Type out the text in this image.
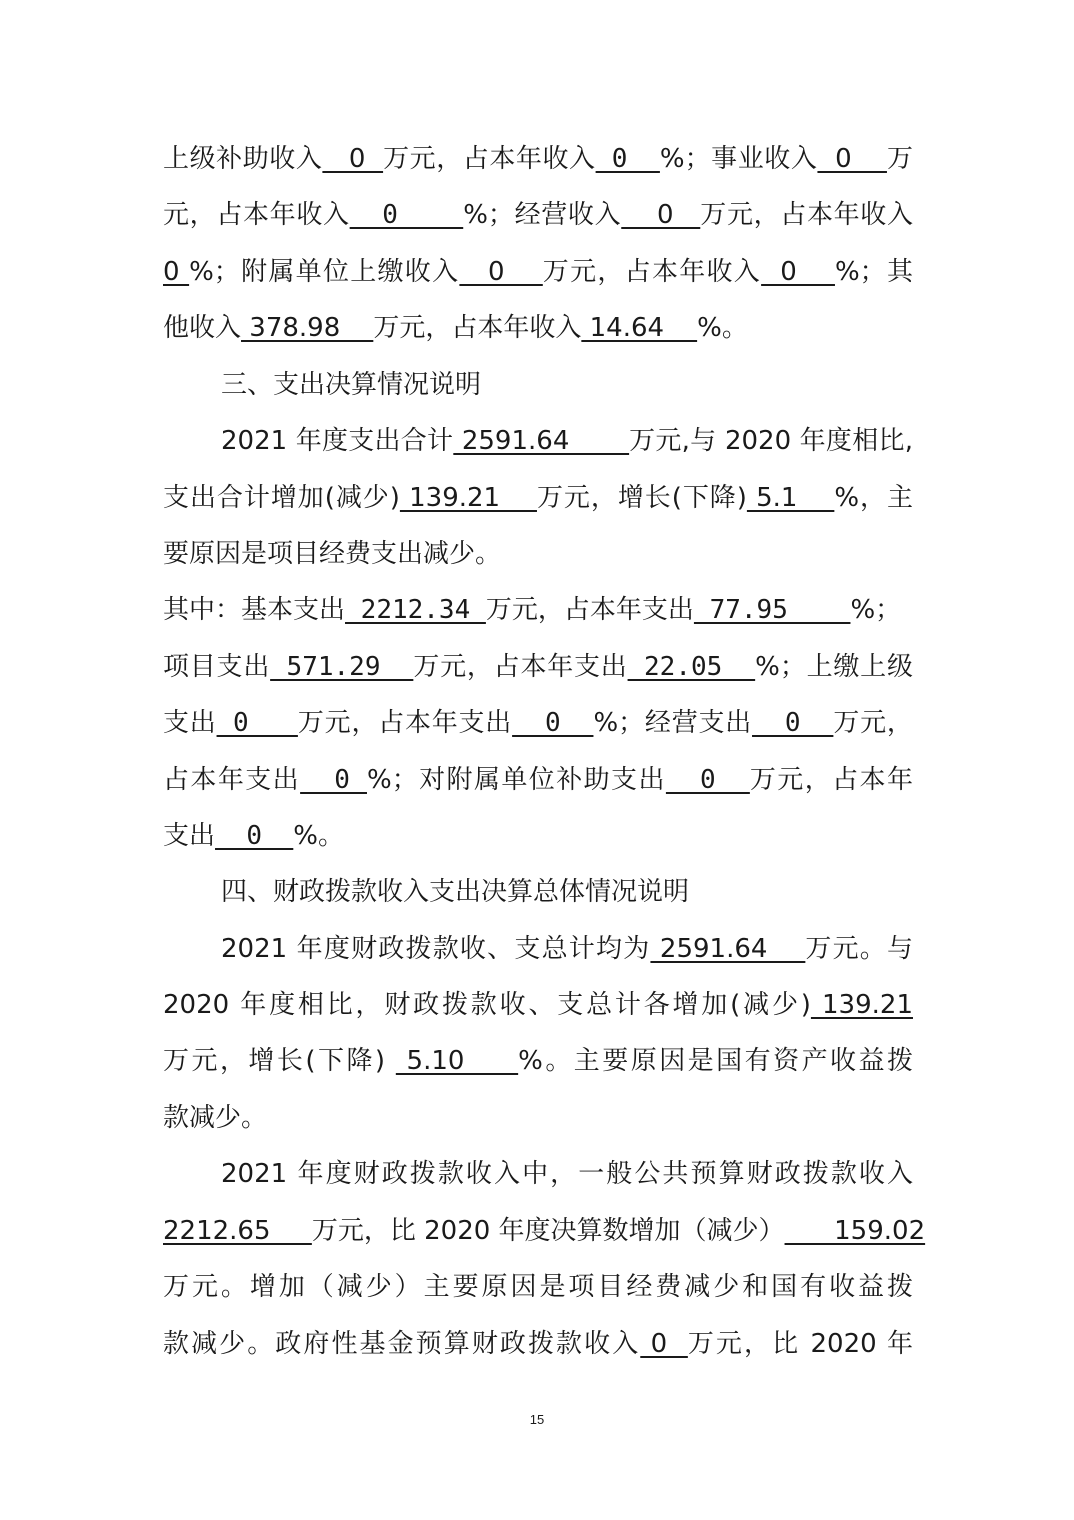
上级补助收入   0  万元，占本年收入 0  %；事业收入  0    万
元，占本年收入  0    %；经营收入    0   万元，占本年收入
0 %；附属单位上缴收入   0    万元，占本年收入  0    %；其
他收入 378.98    万元，占本年收入 14.64    %。
三、支出决算情况说明
2021 年度支出合计 2591.64       万元,与 2020 年度相比,
支出合计增加(减少) 139.21    万元，增长(下降) 5.1    %，主
要原因是项目经费支出减少。
其中：基本支出 2212.34 万元，占本年支出 77.95    %；
项目支出 571.29  万元，占本年支出 22.05  %；上缴上级
支出 0   万元，占本年支出  0  %；经营支出  0  万元，
占本年支出  0 %；对附属单位补助支出  0  万元，占本年
支出  0  %。
四、财政拨款收入支出决算总体情况说明
2021 年度财政拨款收、支总计均为 2591.64    万元。与
2020 年度相比，财政拨款收、支总计各增加(减少) 139.21
万元，增长(下降)  5.10     %。主要原因是国有资产收益拨
款减少。
2021 年度财政拨款收入中，一般公共预算财政拨款收入
2212.65     万元，比 2020 年度决算数增加（减少）      159.02
万元。增加（减少）主要原因是项目经费减少和国有收益拨
款减少。政府性基金预算财政拨款收入 0  万元，比 2020 年
15
